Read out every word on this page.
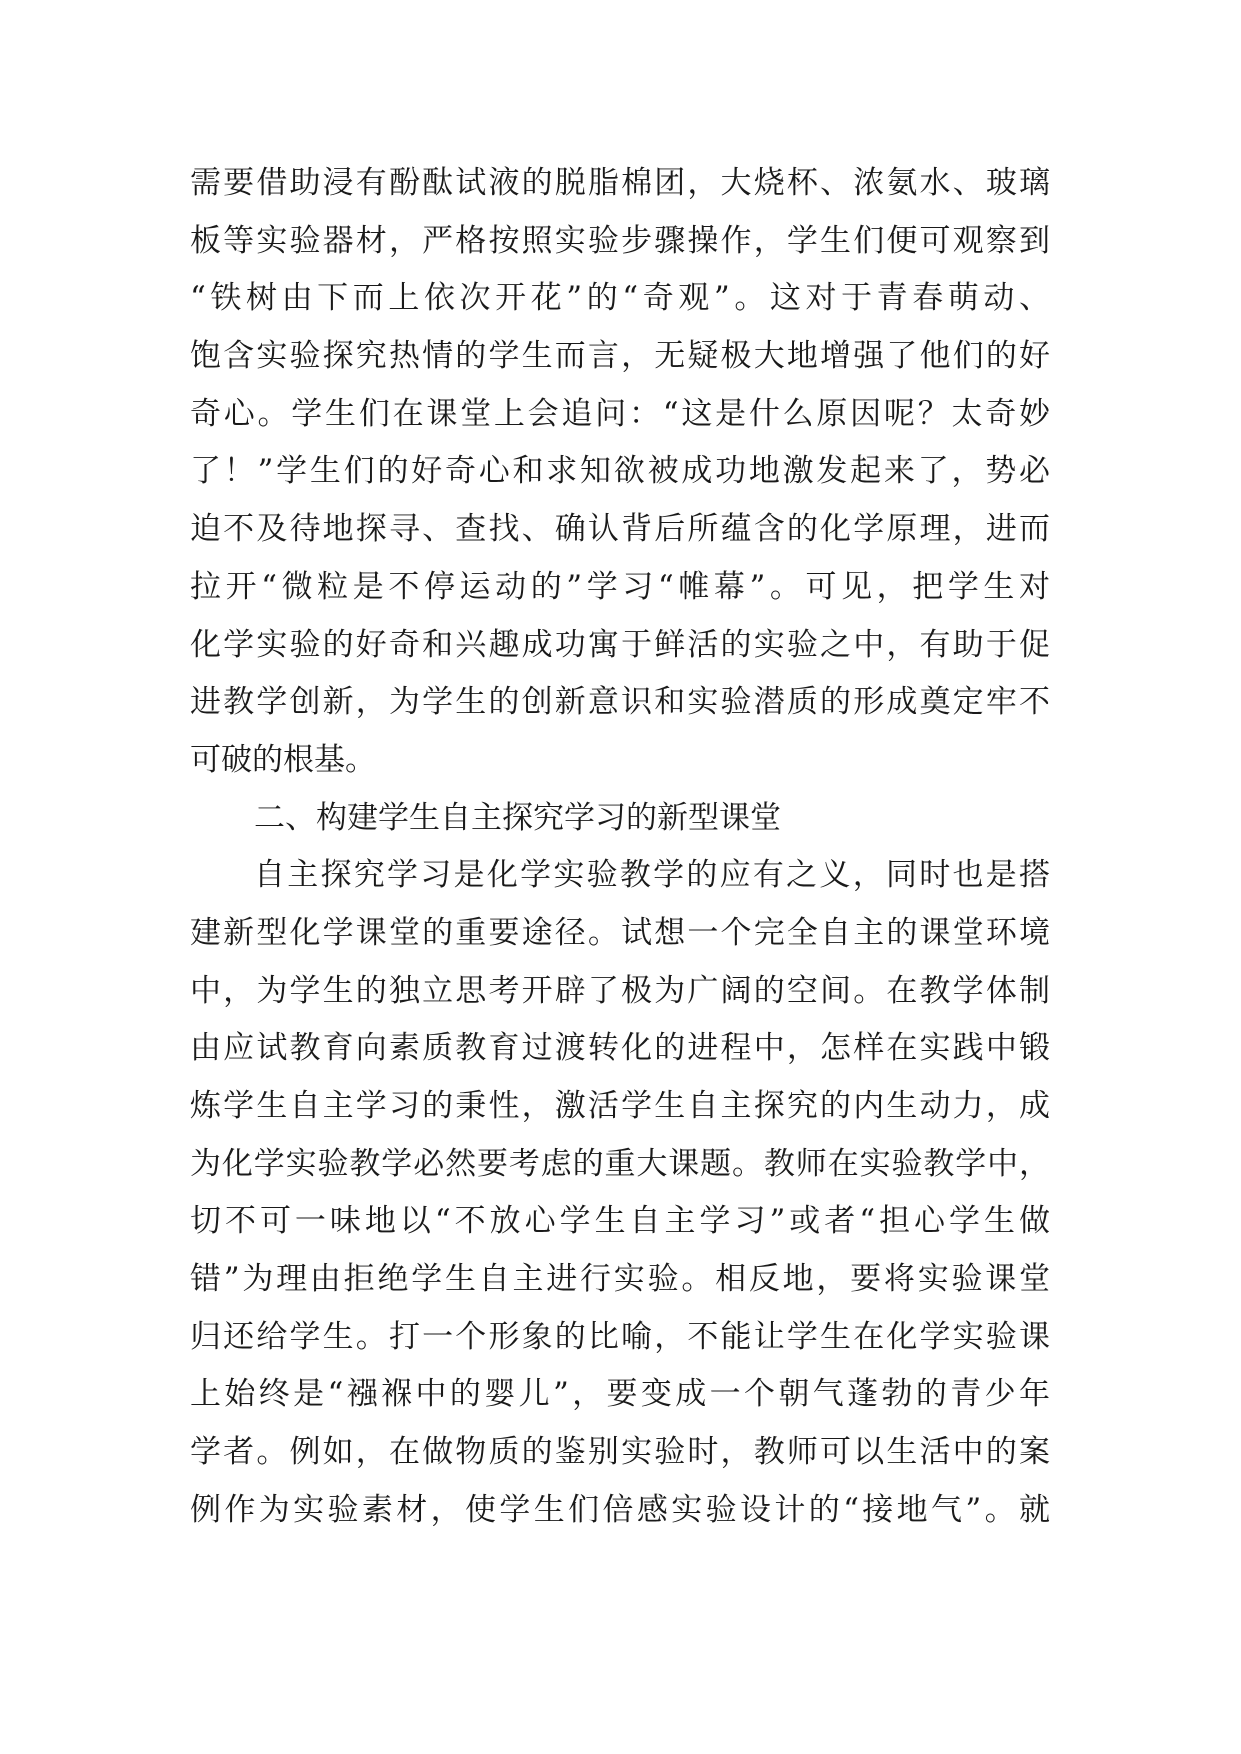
需要借助浸有酚酞试液的脱脂棉团，大烧杯、浓氨水、玻璃
板等实验器材，严格按照实验步骤操作，学生们便可观察到
“铁树由下而上依次开花”的“奇观”。这对于青春萌动、
饱含实验探究热情的学生而言，无疑极大地增强了他们的好
奇心。学生们在课堂上会追问：“这是什么原因呢？太奇妙
了！”学生们的好奇心和求知欲被成功地激发起来了，势必
迫不及待地探寻、查找、确认背后所蕴含的化学原理，进而
拉开“微粒是不停运动的”学习“帷幕”。可见，把学生对
化学实验的好奇和兴趣成功寓于鲜活的实验之中，有助于促
进教学创新，为学生的创新意识和实验潜质的形成奠定牢不
可破的根基。
二、构建学生自主探究学习的新型课堂
自主探究学习是化学实验教学的应有之义，同时也是搭
建新型化学课堂的重要途径。试想一个完全自主的课堂环境
中，为学生的独立思考开辟了极为广阔的空间。在教学体制
由应试教育向素质教育过渡转化的进程中，怎样在实践中锻
炼学生自主学习的秉性，激活学生自主探究的内生动力，成
为化学实验教学必然要考虑的重大课题。教师在实验教学中，
切不可一味地以“不放心学生自主学习”或者“担心学生做
错”为理由拒绝学生自主进行实验。相反地，要将实验课堂
归还给学生。打一个形象的比喻，不能让学生在化学实验课
上始终是“襁褓中的婴儿”，要变成一个朝气蓬勃的青少年
学者。例如，在做物质的鉴别实验时，教师可以生活中的案
例作为实验素材，使学生们倍感实验设计的“接地气”。就
